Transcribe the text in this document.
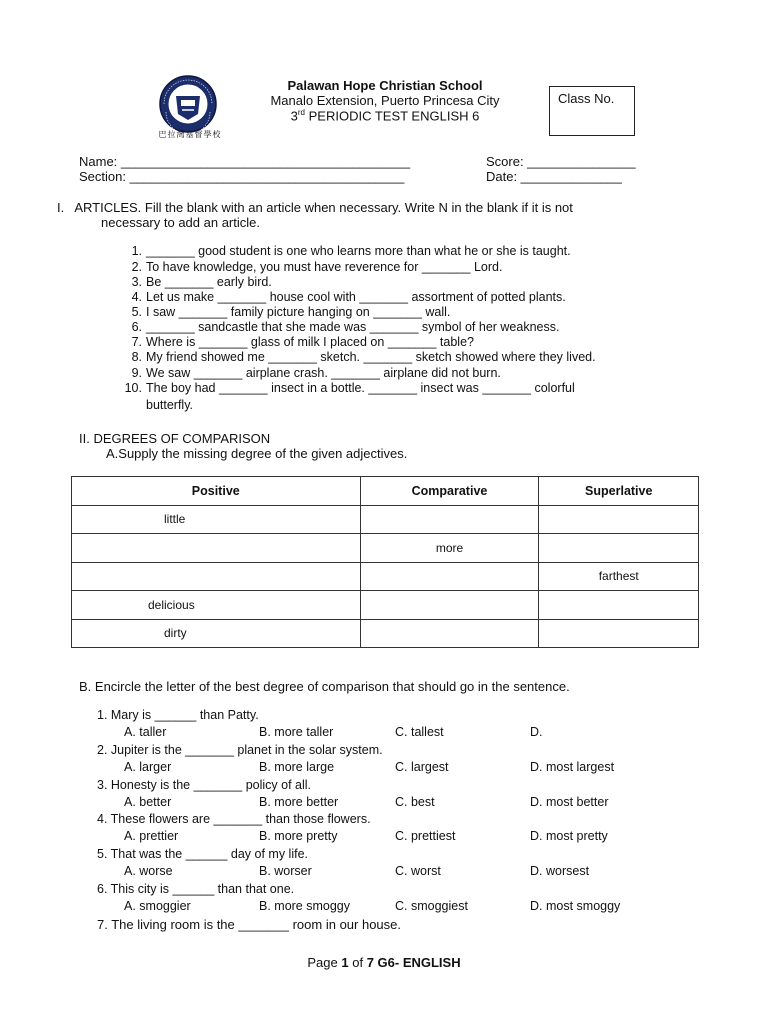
巴拉灣基督學校
Palawan Hope Christian School
Manalo Extension, Puerto Princesa City
3rd PERIODIC TEST ENGLISH 6
Class No.
Name: ________________________________________
Section: ______________________________________
Score: _______________
Date: ______________
I.   ARTICLES. Fill the blank with an article when necessary. Write N in the blank if it is not
necessary to add an article.
1. _______ good student is one who learns more than what he or she is taught.
2. To have knowledge, you must have reverence for _______ Lord.
3. Be _______ early bird.
4. Let us make _______ house cool with _______ assortment of potted plants.
5. I saw _______ family picture hanging on _______ wall.
6. _______ sandcastle that she made was _______ symbol of her weakness.
7. Where is _______ glass of milk I placed on _______ table?
8. My friend showed me _______ sketch. _______ sketch showed where they lived.
9. We saw _______ airplane crash. _______ airplane did not burn.
10. The boy had _______ insect in a bottle. _______ insect was _______ colorful
butterfly.
II. DEGREES OF COMPARISON
A.Supply the missing degree of the given adjectives.
Positive	Comparative	Superlative
little		
	more	
		farthest
delicious		
dirty		
B. Encircle the letter of the best degree of comparison that should go in the sentence.
1. Mary is ______ than Patty.
A. taller	B. more taller	C. tallest	D.
2. Jupiter is the _______ planet in the solar system.
A. larger	B. more large	C. largest	D. most largest
3. Honesty is the _______ policy of all.
A. better	B. more better	C. best	D. most better
4. These flowers are _______ than those flowers.
A. prettier	B. more pretty	C. prettiest	D. most pretty
5. That was the ______ day of my life.
A. worse	B. worser	C. worst	D. worsest
6. This city is ______ than that one.
A. smoggier	B. more smoggy	C. smoggiest	D. most smoggy
7. The living room is the _______ room in our house.
Page 1 of 7 G6- ENGLISH
